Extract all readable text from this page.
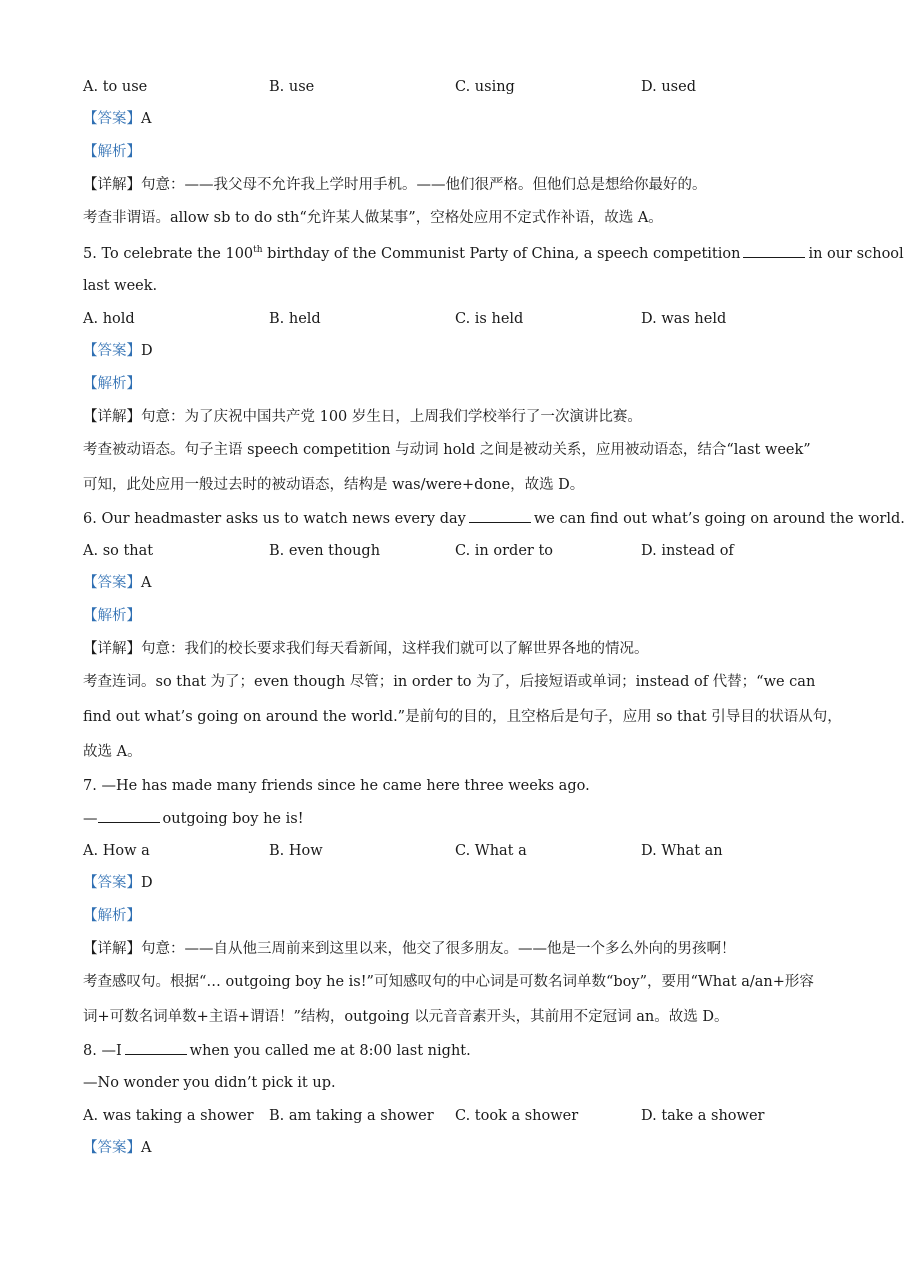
A. to use	B. use	C. using	D. used
【答案】A
【解析】
【详解】句意：——我父母不允许我上学时用手机。——他们很严格。但他们总是想给你最好的。
考查非谓语。allow sb to do sth“允许某人做某事”，空格处应用不定式作补语，故选 A。
5. To celebrate the 100th birthday of the Communist Party of China, a speech competition	in our school
last week.
A. hold	B. held	C. is held	D. was held
【答案】D
【解析】
【详解】句意：为了庆祝中国共产党 100 岁生日，上周我们学校举行了一次演讲比赛。
考查被动语态。句子主语 speech competition 与动词 hold 之间是被动关系，应用被动语态，结合“last week”
可知，此处应用一般过去时的被动语态，结构是 was/were+done，故选 D。
6. Our headmaster asks us to watch news every day	we can find out what’s going on around the world.
A. so that	B. even though	C. in order to	D. instead of
【答案】A
【解析】
【详解】句意：我们的校长要求我们每天看新闻，这样我们就可以了解世界各地的情况。
考查连词。so that 为了；even though 尽管；in order to 为了，后接短语或单词；instead of 代替；“we can
find out what’s going on around the world.”是前句的目的，且空格后是句子，应用 so that 引导目的状语从句，
故选 A。
7. —He has made many friends since he came here three weeks ago.
—	outgoing boy he is!
A. How a	B. How	C. What a	D. What an
【答案】D
【解析】
【详解】句意：——自从他三周前来到这里以来，他交了很多朋友。——他是一个多么外向的男孩啊！
考查感叹句。根据“… outgoing boy he is!”可知感叹句的中心词是可数名词单数“boy”，要用“What a/an+形容
词+可数名词单数+主语+谓语！”结构，outgoing 以元音音素开头，其前用不定冠词 an。故选 D。
8. —I	when you called me at 8:00 last night.
—No wonder you didn’t pick it up.
A. was taking a shower B. am taking a shower C. took a shower	D. take a shower
【答案】A
